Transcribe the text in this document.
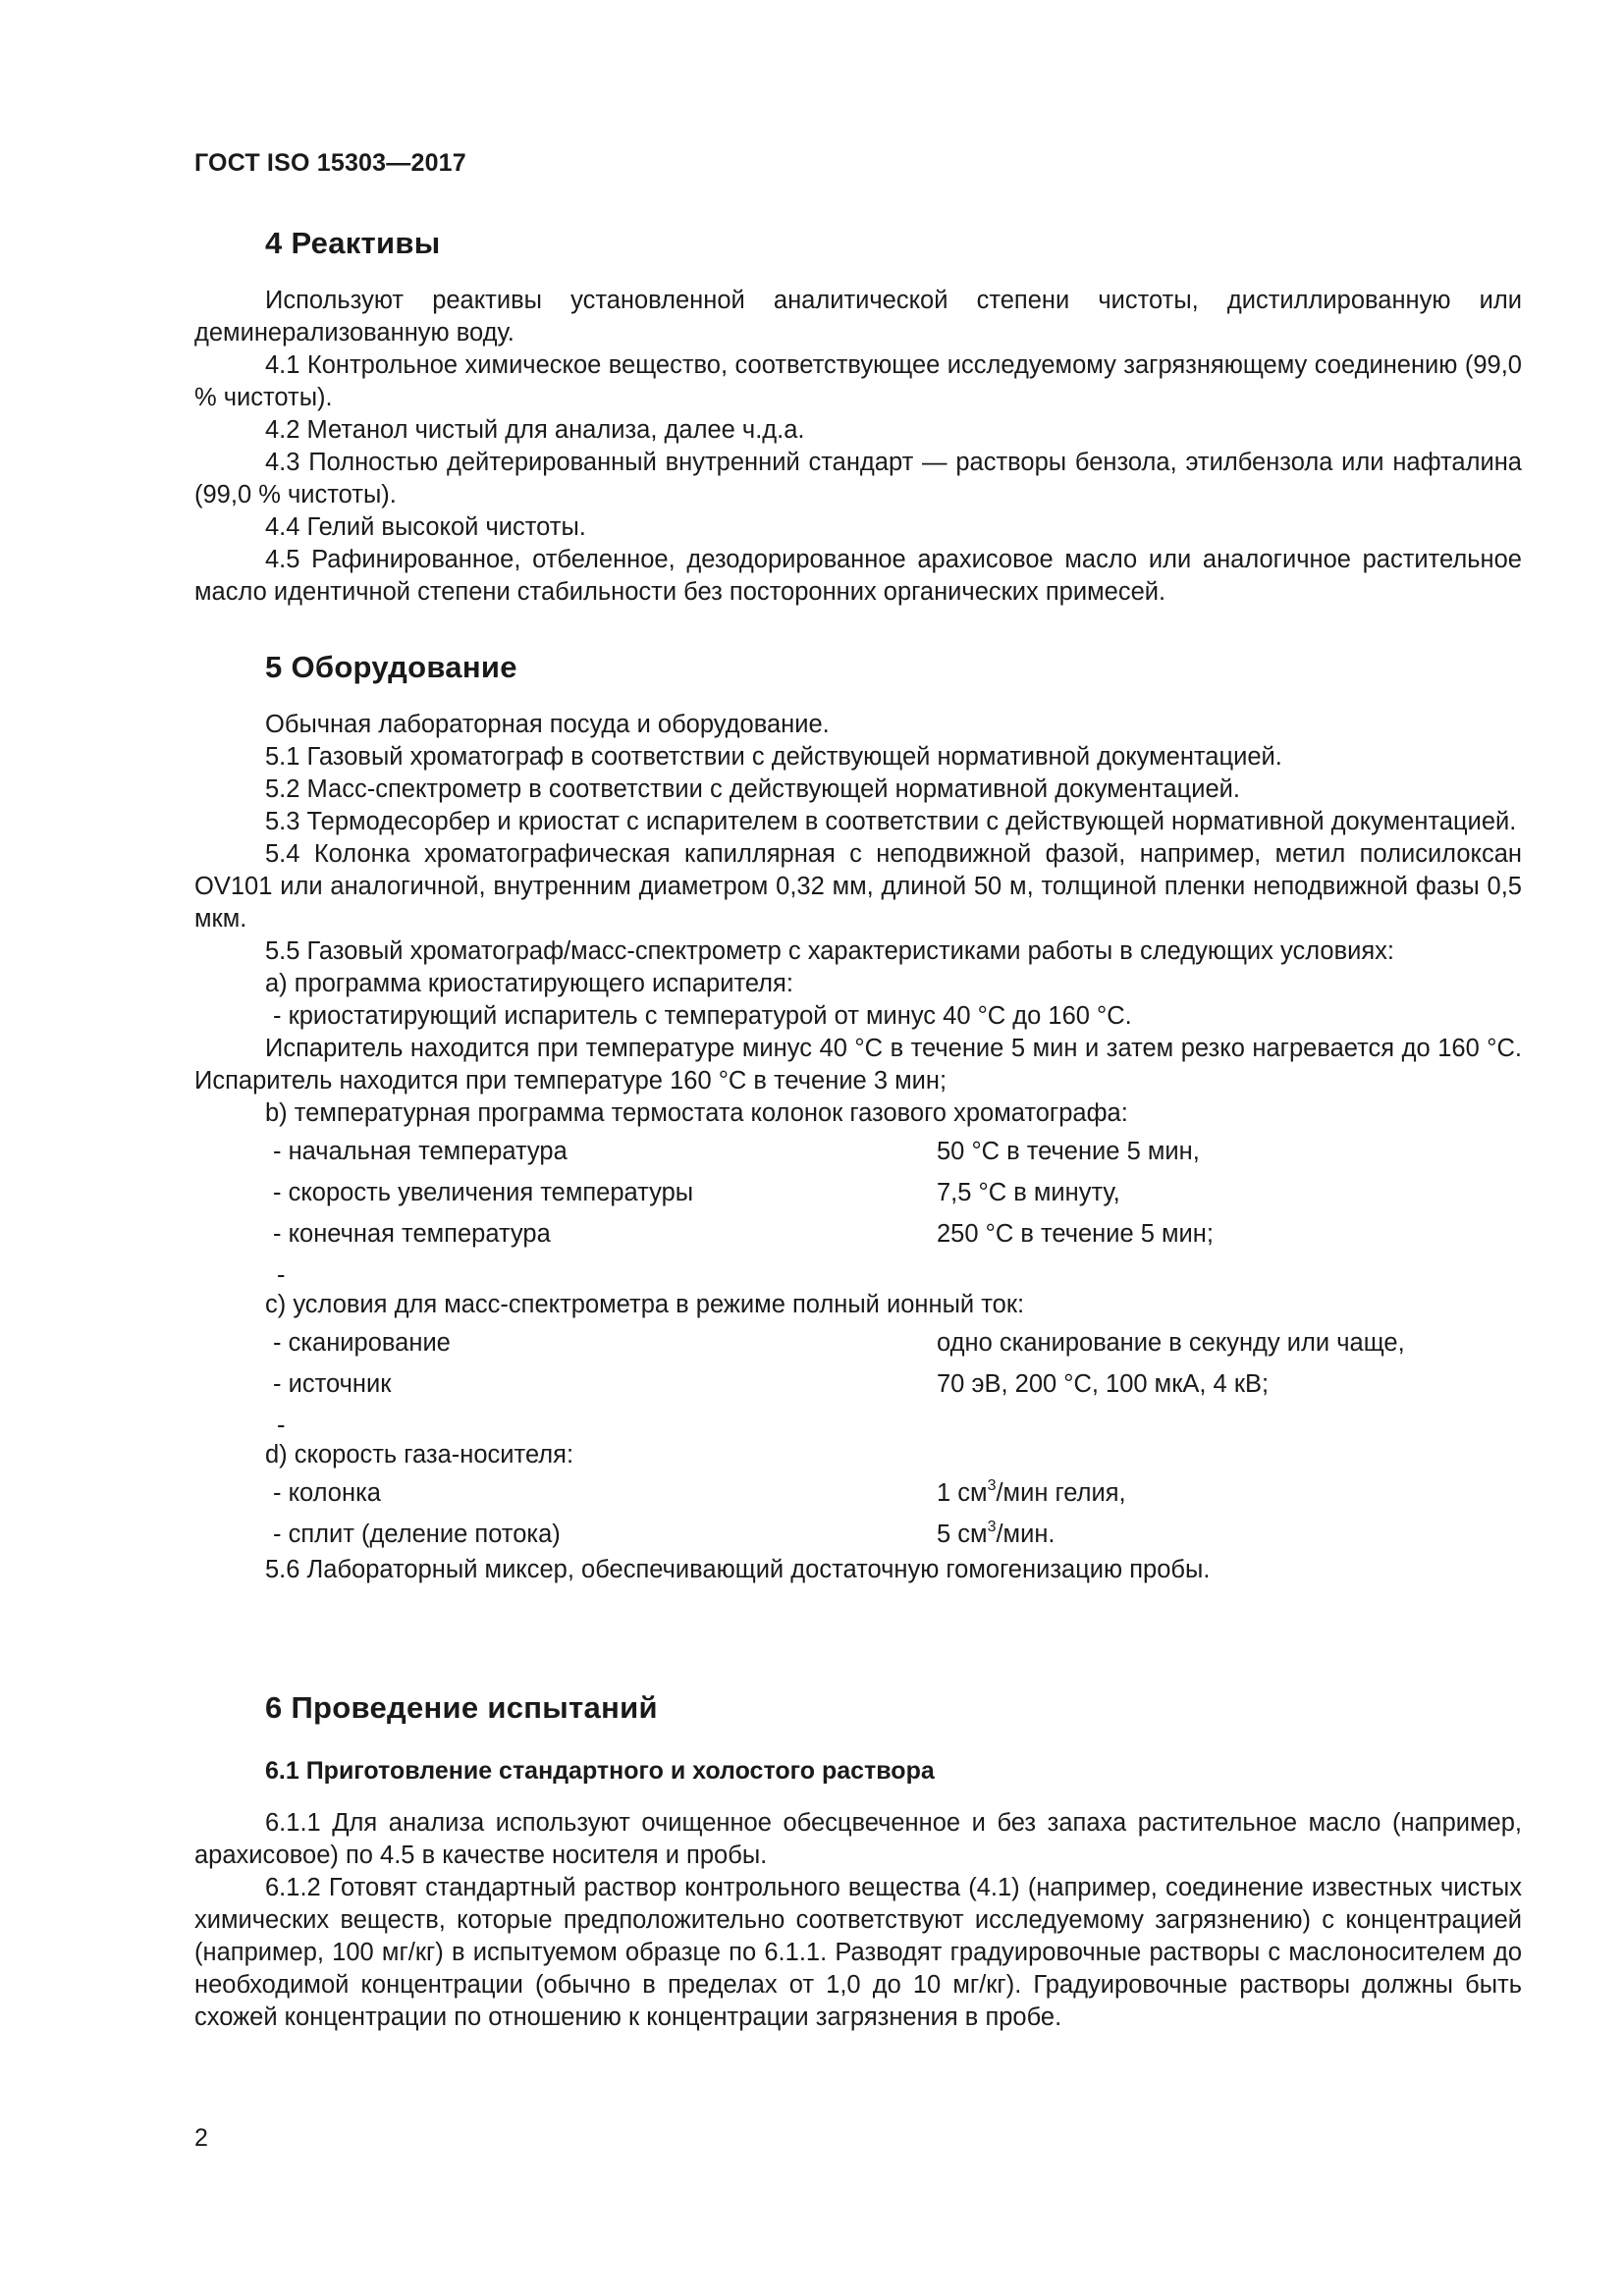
ГОСТ ISO 15303—2017
4 Реактивы

Используют реактивы установленной аналитической степени чистоты, дистиллированную или деминерализованную воду.

4.1 Контрольное химическое вещество, соответствующее исследуемому загрязняющему соединению (99,0 % чистоты).

4.2 Метанол чистый для анализа, далее ч.д.а.

4.3 Полностью дейтерированный внутренний стандарт — растворы бензола, этилбензола или нафталина (99,0 % чистоты).

4.4 Гелий высокой чистоты.

4.5 Рафинированное, отбеленное, дезодорированное арахисовое масло или аналогичное растительное масло идентичной степени стабильности без посторонних органических примесей.

5 Оборудование

Обычная лабораторная посуда и оборудование.

5.1 Газовый хроматограф в соответствии с действующей нормативной документацией.

5.2 Масс-спектрометр в соответствии с действующей нормативной документацией.

5.3 Термодесорбер и криостат с испарителем в соответствии с действующей нормативной документацией.

5.4 Колонка хроматографическая капиллярная с неподвижной фазой, например, метил полисилоксан OV101 или аналогичной, внутренним диаметром 0,32 мм, длиной 50 м, толщиной пленки неподвижной фазы 0,5 мкм.

5.5 Газовый хроматограф/масс-спектрометр с характеристиками работы в следующих условиях:

а) программа криостатирующего испарителя:

- криостатирующий испаритель с температурой от минус 40 °С до 160 °С.

Испаритель находится при температуре минус 40 °С в течение 5 мин и затем резко нагревается до 160 °С. Испаритель находится при температуре 160 °С в течение 3 мин;

b) температурная программа термостата колонок газового хроматографа:

- начальная температура	50 °С в течение 5 мин,
- скорость увеличения температуры	7,5 °С в минуту,
- конечная температура	250 °С в течение 5 мин;
-

с) условия для масс-спектрометра в режиме полный ионный ток:

- сканирование	одно сканирование в секунду или чаще,
- источник	70 эВ, 200 °С, 100 мкА, 4 кВ;
-

d) скорость газа-носителя:

- колонка	1 $см^3$/мин гелия,
- сплит (деление потока)	5 $см^3$/мин.

5.6 Лабораторный миксер, обеспечивающий достаточную гомогенизацию пробы.

6 Проведение испытаний
6.1 Приготовление стандартного и холостого раствора

6.1.1 Для анализа используют очищенное обесцвеченное и без запаха растительное масло (например, арахисовое) по 4.5 в качестве носителя и пробы.

6.1.2 Готовят стандартный раствор контрольного вещества (4.1) (например, соединение известных чистых химических веществ, которые предположительно соответствуют исследуемому загрязнению) с концентрацией (например, 100 мг/кг) в испытуемом образце по 6.1.1. Разводят градуировочные растворы с маслоносителем до необходимой концентрации (обычно в пределах от 1,0 до 10 мг/кг). Градуировочные растворы должны быть схожей концентрации по отношению к концентрации загрязнения в пробе.

2
